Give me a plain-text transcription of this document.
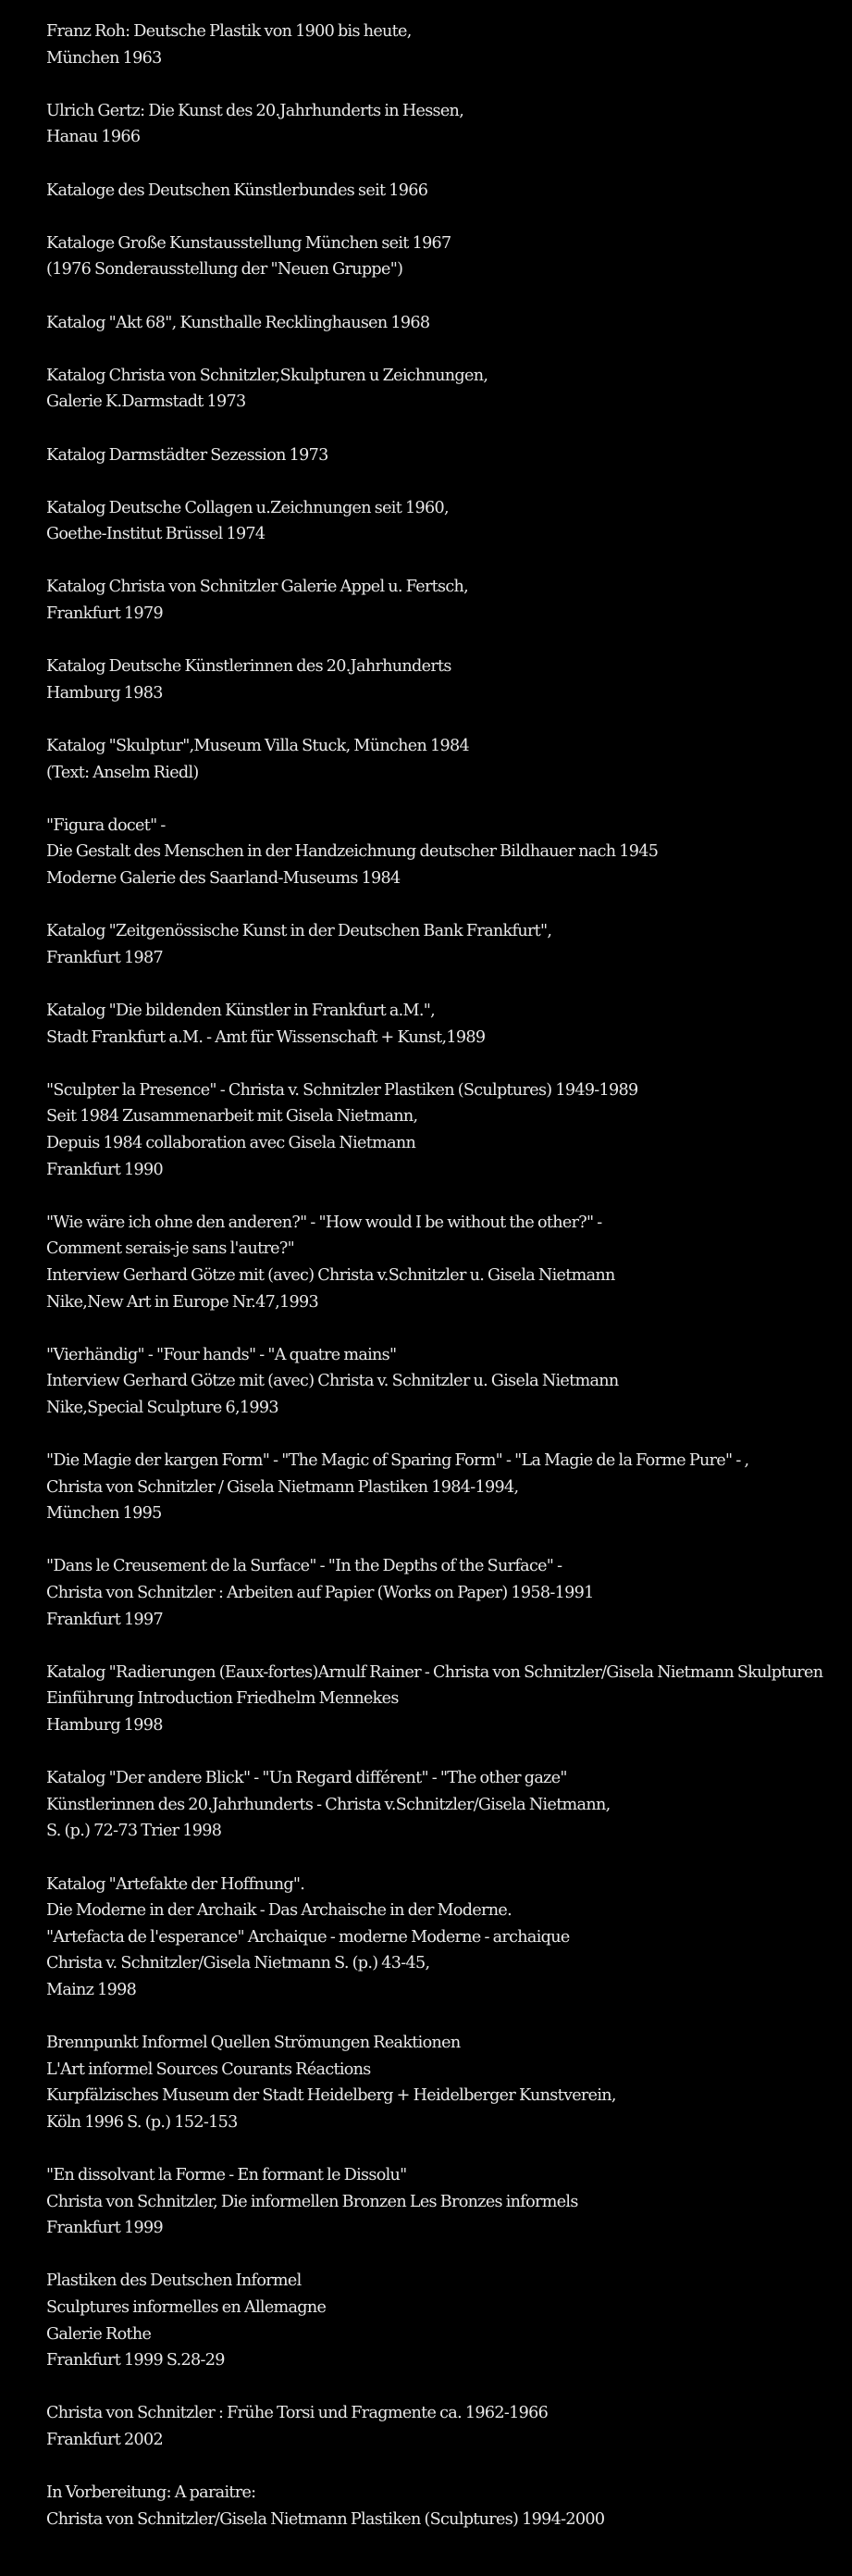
Franz Roh: Deutsche Plastik von 1900 bis heute,
München 1963
Ulrich Gertz: Die Kunst des 20.Jahrhunderts in Hessen,
Hanau 1966
Kataloge des Deutschen Künstlerbundes seit 1966
Kataloge Große Kunstausstellung München seit 1967
(1976 Sonderausstellung der "Neuen Gruppe")
Katalog "Akt 68", Kunsthalle Recklinghausen 1968
Katalog Christa von Schnitzler,Skulpturen u Zeichnungen,
Galerie K.Darmstadt 1973
Katalog Darmstädter Sezession 1973
Katalog Deutsche Collagen u.Zeichnungen seit 1960,
Goethe-Institut Brüssel 1974
Katalog Christa von Schnitzler Galerie Appel u. Fertsch,
Frankfurt 1979
Katalog Deutsche Künstlerinnen des 20.Jahrhunderts
Hamburg 1983
Katalog "Skulptur",Museum Villa Stuck, München 1984
(Text: Anselm Riedl)
"Figura docet" -
Die Gestalt des Menschen in der Handzeichnung deutscher Bildhauer nach 1945
Moderne Galerie des Saarland-Museums 1984
Katalog "Zeitgenössische Kunst in der Deutschen Bank Frankfurt",
Frankfurt 1987
Katalog "Die bildenden Künstler in Frankfurt a.M.",
Stadt Frankfurt a.M. - Amt für Wissenschaft + Kunst,1989
"Sculpter la Presence" - Christa v. Schnitzler Plastiken (Sculptures) 1949-1989
Seit 1984 Zusammenarbeit mit Gisela Nietmann,
Depuis 1984 collaboration avec Gisela Nietmann
Frankfurt 1990
"Wie wäre ich ohne den anderen?" - "How would I be without the other?" -
Comment serais-je sans l'autre?"
Interview Gerhard Götze mit (avec) Christa v.Schnitzler u. Gisela Nietmann
Nike,New Art in Europe Nr.47,1993
"Vierhändig" - "Four hands" - "A quatre mains"
Interview Gerhard Götze mit (avec) Christa v. Schnitzler u. Gisela Nietmann
Nike,Special Sculpture 6,1993
"Die Magie der kargen Form" - "The Magic of Sparing Form" - "La Magie de la Forme Pure" - ,
Christa von Schnitzler / Gisela Nietmann Plastiken 1984-1994,
München 1995
"Dans le Creusement de la Surface" - "In the Depths of the Surface" -
Christa von Schnitzler : Arbeiten auf Papier (Works on Paper) 1958-1991
Frankfurt 1997
Katalog "Radierungen (Eaux-fortes)Arnulf Rainer - Christa von Schnitzler/Gisela Nietmann Skulpturen
Einführung Introduction Friedhelm Mennekes
Hamburg 1998
Katalog "Der andere Blick" - "Un Regard différent" - "The other gaze"
Künstlerinnen des 20.Jahrhunderts - Christa v.Schnitzler/Gisela Nietmann,
S. (p.) 72-73 Trier 1998
Katalog "Artefakte der Hoffnung".
Die Moderne in der Archaik - Das Archaische in der Moderne.
"Artefacta de l'esperance" Archaique - moderne Moderne - archaique
Christa v. Schnitzler/Gisela Nietmann S. (p.) 43-45,
Mainz 1998
Brennpunkt Informel Quellen Strömungen Reaktionen
L'Art informel Sources Courants Réactions
Kurpfälzisches Museum der Stadt Heidelberg + Heidelberger Kunstverein,
Köln 1996 S. (p.) 152-153
"En dissolvant la Forme - En formant le Dissolu"
Christa von Schnitzler, Die informellen Bronzen Les Bronzes informels
Frankfurt 1999
Plastiken des Deutschen Informel
Sculptures informelles en Allemagne
Galerie Rothe
Frankfurt 1999 S.28-29
Christa von Schnitzler : Frühe Torsi und Fragmente ca. 1962-1966
Frankfurt 2002
In Vorbereitung: A paraitre:
Christa von Schnitzler/Gisela Nietmann Plastiken (Sculptures) 1994-2000
